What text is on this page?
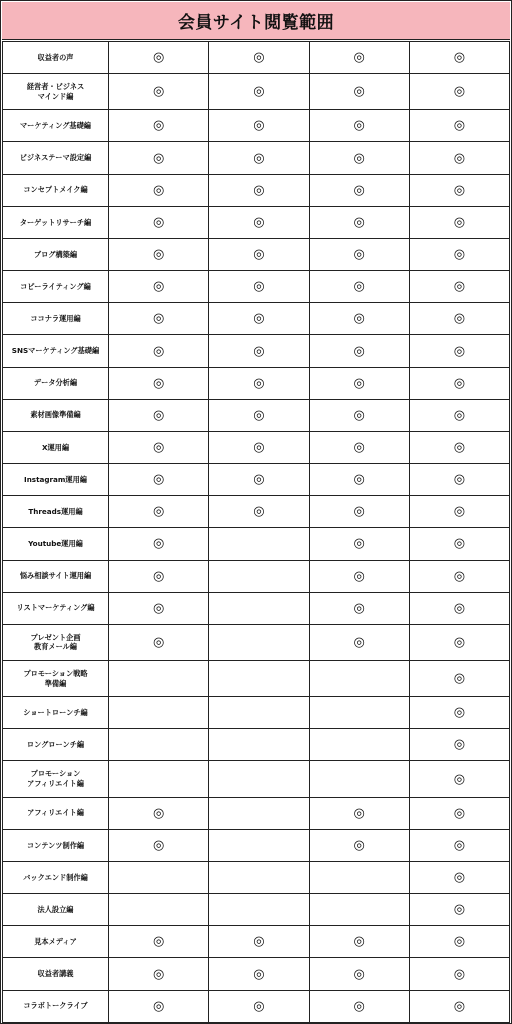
会員サイト閲覧範囲
収益者の声	◎	◎	◎	◎

経営者・ビジネス
マインド編	◎	◎	◎	◎

マーケティング基礎編	◎	◎	◎	◎

ビジネステーマ設定編	◎	◎	◎	◎

コンセプトメイク編	◎	◎	◎	◎

ターゲットリサーチ編	◎	◎	◎	◎

ブログ構築編	◎	◎	◎	◎

コピーライティング編	◎	◎	◎	◎

ココナラ運用編	◎	◎	◎	◎

SNSマーケティング基礎編	◎	◎	◎	◎

データ分析編	◎	◎	◎	◎

素材画像準備編	◎	◎	◎	◎

X運用編	◎	◎	◎	◎

Instagram運用編	◎	◎	◎	◎

Threads運用編	◎	◎	◎	◎

Youtube運用編	◎		◎	◎

悩み相談サイト運用編	◎		◎	◎

リストマーケティング編	◎		◎	◎

プレゼント企画
教育メール編	◎		◎	◎

プロモーション戦略
準備編				◎

ショートローンチ編				◎

ロングローンチ編				◎

プロモーション
アフィリエイト編				◎

アフィリエイト編	◎		◎	◎

コンテンツ制作編	◎		◎	◎

バックエンド制作編				◎

法人設立編				◎

見本メディア	◎	◎	◎	◎

収益者講義	◎	◎	◎	◎

コラボトークライブ	◎	◎	◎	◎
